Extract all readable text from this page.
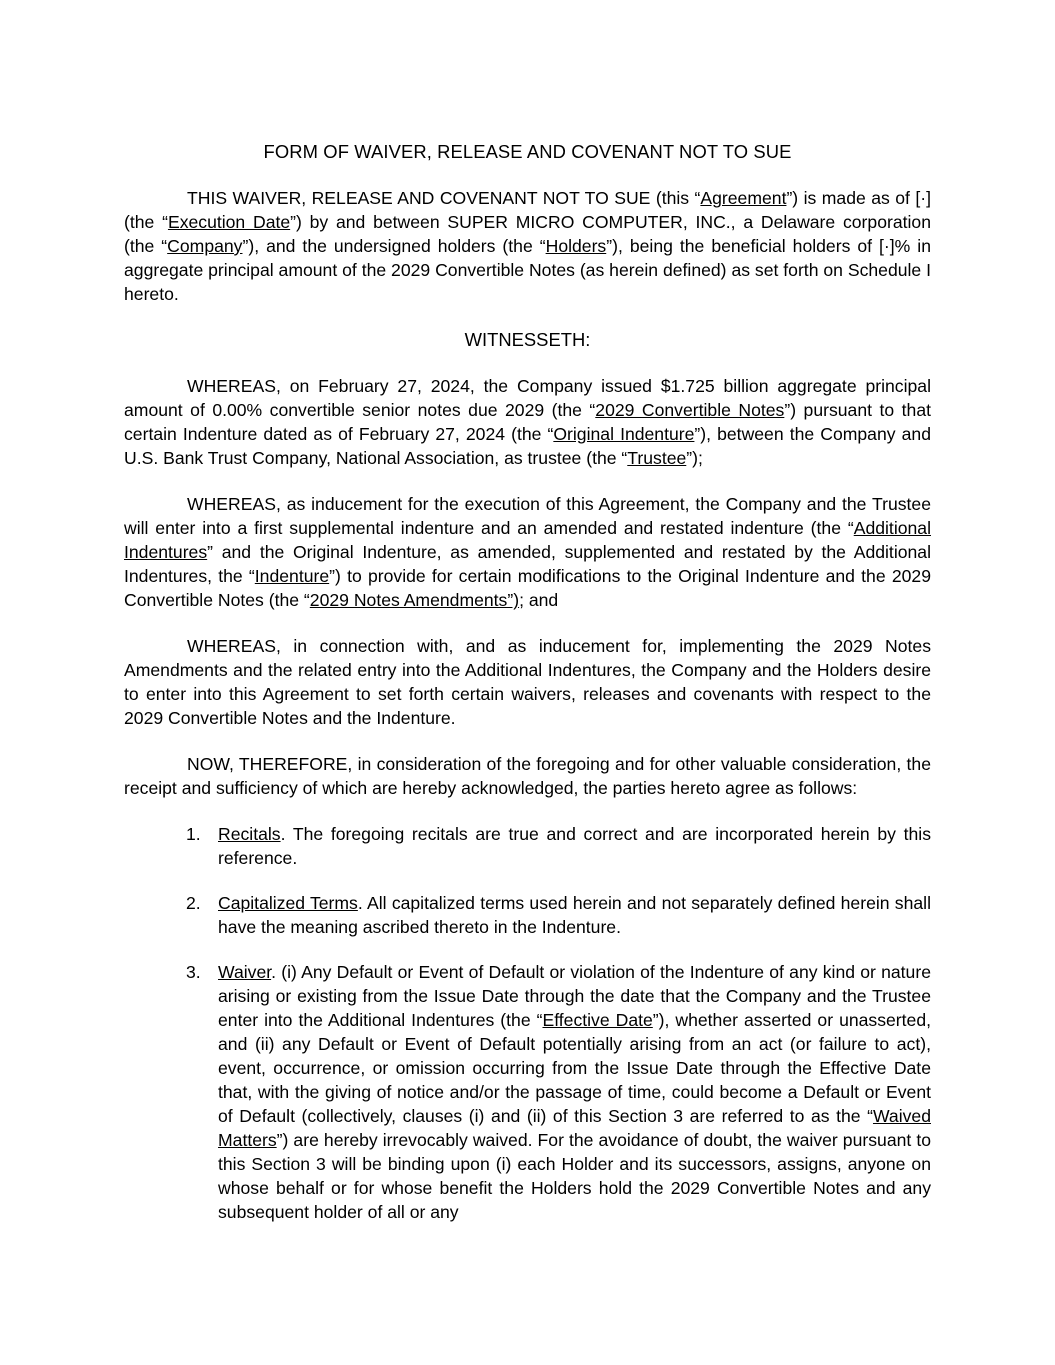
FORM OF WAIVER, RELEASE AND COVENANT NOT TO SUE

THIS WAIVER, RELEASE AND COVENANT NOT TO SUE (this “Agreement”) is made as of [·] (the “Execution Date”) by and between SUPER MICRO COMPUTER, INC., a Delaware corporation (the “Company”), and the undersigned holders (the “Holders”), being the beneficial holders of [·]% in aggregate principal amount of the 2029 Convertible Notes (as herein defined) as set forth on Schedule I hereto.

WITNESSETH:

WHEREAS, on February 27, 2024, the Company issued $1.725 billion aggregate principal amount of 0.00% convertible senior notes due 2029 (the “2029 Convertible Notes”) pursuant to that certain Indenture dated as of February 27, 2024 (the “Original Indenture”), between the Company and U.S. Bank Trust Company, National Association, as trustee (the “Trustee”);

WHEREAS, as inducement for the execution of this Agreement, the Company and the Trustee will enter into a first supplemental indenture and an amended and restated indenture (the “Additional Indentures” and the Original Indenture, as amended, supplemented and restated by the Additional Indentures, the “Indenture”) to provide for certain modifications to the Original Indenture and the 2029 Convertible Notes (the “2029 Notes Amendments”); and

WHEREAS, in connection with, and as inducement for, implementing the 2029 Notes Amendments and the related entry into the Additional Indentures, the Company and the Holders desire to enter into this Agreement to set forth certain waivers, releases and covenants with respect to the 2029 Convertible Notes and the Indenture.

NOW, THEREFORE, in consideration of the foregoing and for other valuable consideration, the receipt and sufficiency of which are hereby acknowledged, the parties hereto agree as follows:

1. Recitals. The foregoing recitals are true and correct and are incorporated herein by this reference.
2. Capitalized Terms. All capitalized terms used herein and not separately defined herein shall have the meaning ascribed thereto in the Indenture.
3. Waiver. (i) Any Default or Event of Default or violation of the Indenture of any kind or nature arising or existing from the Issue Date through the date that the Company and the Trustee enter into the Additional Indentures (the “Effective Date”), whether asserted or unasserted, and (ii) any Default or Event of Default potentially arising from an act (or failure to act), event, occurrence, or omission occurring from the Issue Date through the Effective Date that, with the giving of notice and/or the passage of time, could become a Default or Event of Default (collectively, clauses (i) and (ii) of this Section 3 are referred to as the “Waived Matters”) are hereby irrevocably waived. For the avoidance of doubt, the waiver pursuant to this Section 3 will be binding upon (i) each Holder and its successors, assigns, anyone on whose behalf or for whose benefit the Holders hold the 2029 Convertible Notes and any subsequent holder of all or any
